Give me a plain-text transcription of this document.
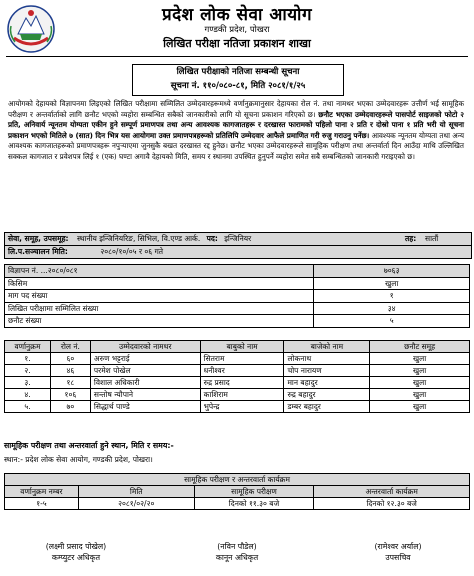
प्रदेश लोक सेवा आयोग
गण्डकी प्रदेश, पोखरा
लिखित परीक्षा नतिजा प्रकाशन शाखा
लिखित परीक्षाको नतिजा सम्बन्धी सूचना
सूचना नं. ११०/०८०-८१, मिति २०८१/१/२५
आयोगको देहायको विज्ञापनमा लिइएको लिखित परीक्षामा सम्मिलित उम्मेदवारहरूमध्ये वर्णानुक्रमानुसार देहायका रोल नं. तथा नामथर भएका उम्मेदवारहरू उत्तीर्ण भई सामूहिक परीक्षण र अन्तर्वार्ताको लागि छनौट भएको व्यहोरा सम्बन्धित सबैको जानकारीको लागि यो सूचना प्रकाशन गरिएको छ। छनौट भएका उम्मेदवारहरूले पासपोर्ट साइजको फोटो २ प्रति, अनिवार्य न्यूनतम योग्यता एकीन हुने सम्पूर्ण प्रमाणपत्र तथा अन्य आवश्यक कागजातहरू र दरखास्त फारामको पहिलो पाना २ प्रति र दोस्रो पाना १ प्रति भरी यो सूचना प्रकाशन भएको मितिले ७ (सात) दिन भित्र यस आयोगमा उक्त प्रमाणपत्रहरूको प्रतिलिपि उम्मेदवार आफैले प्रमाणित गरी रुजु गराउनु पर्नेछ। आवश्यक न्यूनतम योग्यता तथा अन्य आवश्यक कागजातहरूको प्रमाणपत्रहरू नपुऱ्याएमा जुनसुकै बखत दरखास्त रद्द हुनेछ। छनौट भएका उम्मेदवारहरूले सामूहिक परीक्षण तथा अन्तर्वार्ता दिन आउँदा माथि उल्लिखित सक्कल कागजात र प्रवेशपत्र लिई १ (एक) घण्टा अगावै देहायको मिति, समय र स्थानमा उपस्थित हुनुपर्ने व्यहोरा समेत सबै सम्बन्धितको जानकारी गराइएको छ।
सेवा, समूह, उपसमूह: स्थानीय इन्जिनियरिङ, सिभिल, वि.एण्ड आर्क. पद: इन्जिनियर	तह: सातौं
लि.प.सञ्चालन मिति:	२०८०/१०/०५ र ०६ गते
विज्ञापन नं. ...२०८०/०८१	७०६३
किसिम	खुला
माग पद संख्या	१
लिखित परीक्षामा सम्मिलित संख्या	३४
छनौट संख्या	५
वर्णानुक्रम	रोल नं.	उम्मेदवारको नामथर	बाबुको नाम	बाजेको नाम	छनौट समूह
१.	६०	अरुण भट्टराई	सितराम	लोकनाथ	खुला
२.	४६	परमेश पोखेल	धनीश्वर	चोप नारायण	खुला
३.	१८	विशाल अधिकारी	रुद्र प्रसाद	मान बहादुर	खुला
४.	१०६	सन्तोष न्यौपाने	काशिराम	रुद्र बहादुर	खुला
५.	७०	सिद्धार्थ पाण्डे	भुपेन्द्र	डम्बर बहादुर	खुला
सामूहिक परीक्षण तथा अन्तरवार्ता हुने स्थान, मिति र समय:-
स्थान:- प्रदेश लोक सेवा आयोग, गण्डकी प्रदेश, पोखरा।
सामूहिक परीक्षण र अन्तरवार्ता कार्यक्रम			
वर्णानुक्रम नम्बर	मिति	सामूहिक परीक्षण	अन्तरवार्ता कार्यक्रम
१-५	२०८१/०२/२०	दिनको ११.३० बजे	दिनको १२.३० बजे
(लक्ष्मी प्रसाद पोखेल)
कम्प्युटर अधिकृत
(नविन पौडेल)
कानून अधिकृत
(रामेश्वर अर्याल)
उपसचिव
